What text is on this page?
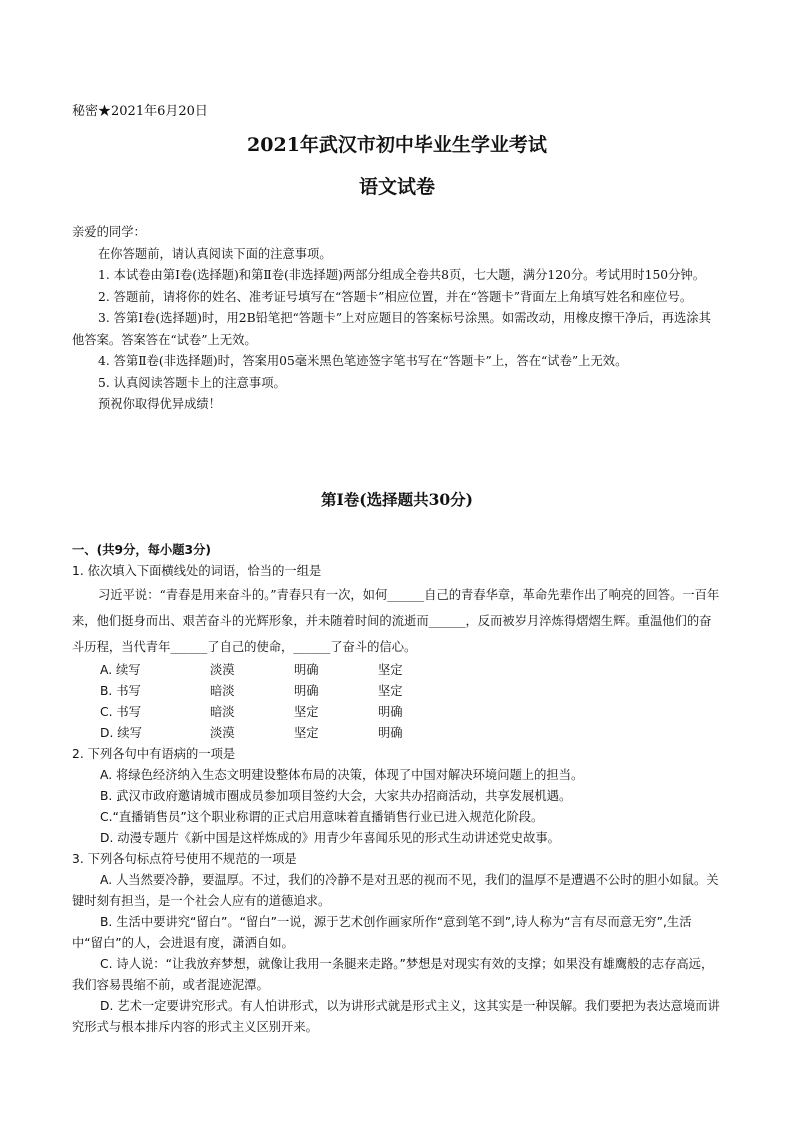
秘密★2021年6月20日
2021年武汉市初中毕业生学业考试
语文试卷

亲爱的同学：

在你答题前，请认真阅读下面的注意事项。

1. 本试卷由第Ⅰ卷(选择题)和第Ⅱ卷(非选择题)两部分组成全卷共8页，七大题，满分120分。考试用时150分钟。

2. 答题前，请将你的姓名、准考证号填写在“答题卡”相应位置，并在“答题卡”背面左上角填写姓名和座位号。

3. 答第Ⅰ卷(选择题)时，用2B铅笔把“答题卡”上对应题目的答案标号涂黑。如需改动，用橡皮擦干净后，再选涂其他答案。答案答在“试卷”上无效。

4. 答第Ⅱ卷(非选择题)时，答案用05毫米黑色笔迹签字笔书写在“答题卡”上，答在“试卷”上无效。

5. 认真阅读答题卡上的注意事项。

预祝你取得优异成绩！

第Ⅰ卷(选择题共30分)

一、(共9分，每小题3分)

1. 依次填入下面横线处的词语，恰当的一组是

习近平说：“青春是用来奋斗的。”青春只有一次，如何______自己的青春华章，革命先辈作出了响亮的回答。一百年来，他们挺身而出、艰苦奋斗的光辉形象，并未随着时间的流逝而______，反而被岁月淬炼得熠熠生辉。重温他们的奋斗历程，当代青年______了自己的使命，______了奋斗的信心。

A. 续写	淡漠	明确	坚定
B. 书写	暗淡	明确	坚定
C. 书写	暗淡	坚定	明确
D. 续写	淡漠	坚定	明确

2. 下列各句中有语病的一项是

A. 将绿色经济纳入生态文明建设整体布局的决策，体现了中国对解决环境问题上的担当。

B. 武汉市政府邀请城市圈成员参加项目签约大会，大家共办招商活动，共享发展机遇。

C.“直播销售员”这个职业称谓的正式启用意味着直播销售行业已进入规范化阶段。

D. 动漫专题片《新中国是这样炼成的》用青少年喜闻乐见的形式生动讲述党史故事。

3. 下列各句标点符号使用不规范的一项是

A. 人当然要冷静，要温厚。不过，我们的冷静不是对丑恶的视而不见，我们的温厚不是遭遇不公时的胆小如鼠。关键时刻有担当，是一个社会人应有的道德追求。

B. 生活中要讲究“留白”。“留白”一说，源于艺术创作画家所作“意到笔不到”,诗人称为“言有尽而意无穷”,生活中“留白”的人，会进退有度，潇洒自如。

C. 诗人说：“让我放弃梦想，就像让我用一条腿来走路。”梦想是对现实有效的支撑；如果没有雄鹰般的志存高远，我们容易畏缩不前，或者混迹泥潭。

D. 艺术一定要讲究形式。有人怕讲形式，以为讲形式就是形式主义，这其实是一种误解。我们要把为表达意境而讲究形式与根本排斥内容的形式主义区别开来。
